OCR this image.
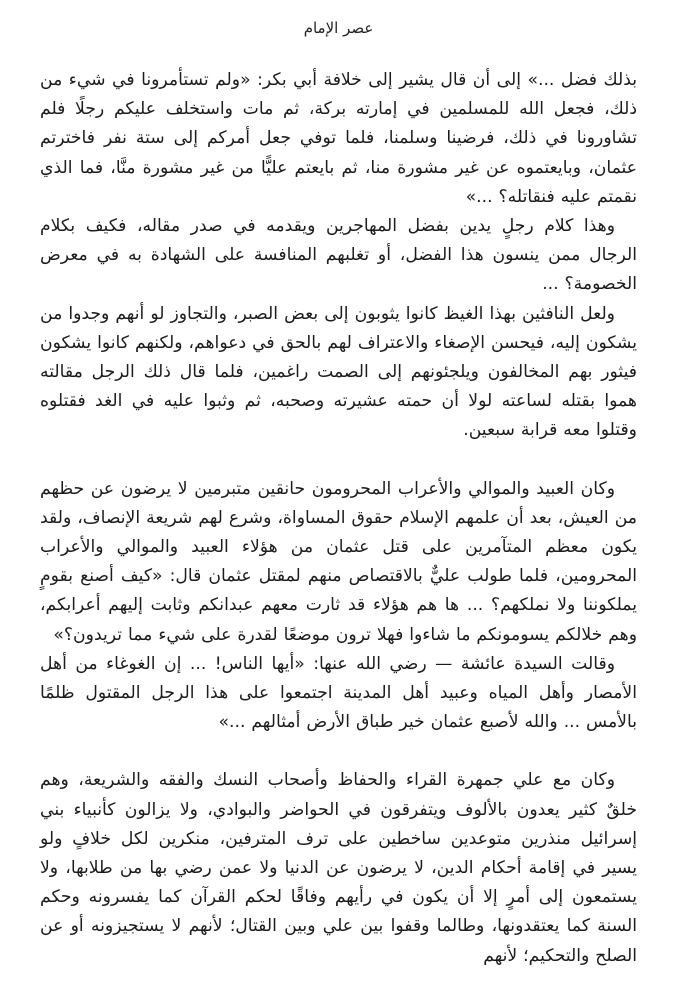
عصر الإمام

بذلك فضل ...» إلى أن قال يشير إلى خلافة أبي بكر: «ولم تستأمرونا في شيء من ذلك، فجعل الله للمسلمين في إمارته بركة، ثم مات واستخلف عليكم رجلًا فلم تشاورونا في ذلك، فرضينا وسلمنا، فلما توفي جعل أمركم إلى ستة نفر فاخترتم عثمان، وبايعتموه عن غير مشورة منا، ثم بايعتم عليًّا من غير مشورة منَّا، فما الذي نقمتم عليه فنقاتله؟ ...»

وهذا كلام رجلٍ يدين بفضل المهاجرين ويقدمه في صدر مقاله، فكيف بكلام الرجال ممن ينسون هذا الفضل، أو تغلبهم المنافسة على الشهادة به في معرض الخصومة؟ ...

ولعل النافثين بهذا الغيظ كانوا يثوبون إلى بعض الصبر، والتجاوز لو أنهم وجدوا من يشكون إليه، فيحسن الإصغاء والاعتراف لهم بالحق في دعواهم، ولكنهم كانوا يشكون فيثور بهم المخالفون ويلجئونهم إلى الصمت راغمين، فلما قال ذلك الرجل مقالته هموا بقتله لساعته لولا أن حمته عشيرته وصحبه، ثم وثبوا عليه في الغد فقتلوه وقتلوا معه قرابة سبعين.

وكان العبيد والموالي والأعراب المحرومون حانقين متبرمين لا يرضون عن حظهم من العيش، بعد أن علمهم الإسلام حقوق المساواة، وشرع لهم شريعة الإنصاف، ولقد يكون معظم المتآمرين على قتل عثمان من هؤلاء العبيد والموالي والأعراب المحرومين، فلما طولب عليٌّ بالاقتصاص منهم لمقتل عثمان قال: «كيف أصنع بقومٍ يملكوننا ولا نملكهم؟ ... ها هم هؤلاء قد ثارت معهم عبدانكم وثابت إليهم أعرابكم، وهم خلالكم يسومونكم ما شاءوا فهلا ترون موضعًا لقدرة على شيء مما تريدون؟»

وقالت السيدة عائشة — رضي الله عنها: «أيها الناس! ... إن الغوغاء من أهل الأمصار وأهل المياه وعبيد أهل المدينة اجتمعوا على هذا الرجل المقتول ظلمًا بالأمس ... والله لأصبع عثمان خير طباق الأرض أمثالهم ...»

وكان مع علي جمهرة القراء والحفاظ وأصحاب النسك والفقه والشريعة، وهم خلقٌ كثير يعدون بالألوف ويتفرقون في الحواضر والبوادي، ولا يزالون كأنبياء بني إسرائيل منذرين متوعدين ساخطين على ترف المترفين، منكرين لكل خلافٍ ولو يسير في إقامة أحكام الدين، لا يرضون عن الدنيا ولا عمن رضي بها من طلابها، ولا يستمعون إلى أمرٍ إلا أن يكون في رأيهم وفاقًا لحكم القرآن كما يفسرونه وحكم السنة كما يعتقدونها، وطالما وقفوا بين علي وبين القتال؛ لأنهم لا يستجيزونه أو عن الصلح والتحكيم؛ لأنهم
